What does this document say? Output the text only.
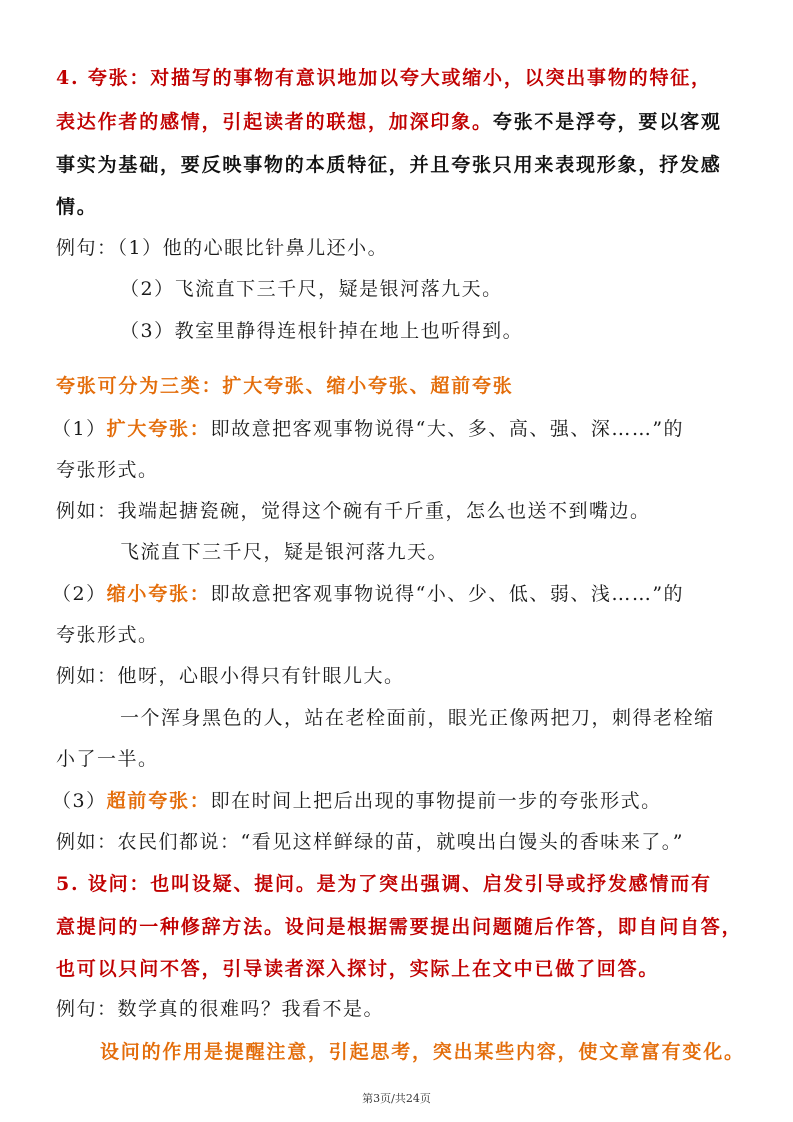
4. 夸张：对描写的事物有意识地加以夸大或缩小，以突出事物的特征，
表达作者的感情，引起读者的联想，加深印象。夸张不是浮夸，要以客观
事实为基础，要反映事物的本质特征，并且夸张只用来表现形象，抒发感
情。
例句：（1）他的心眼比针鼻儿还小。
（2）飞流直下三千尺，疑是银河落九天。
（3）教室里静得连根针掉在地上也听得到。
夸张可分为三类：扩大夸张、缩小夸张、超前夸张
（1）扩大夸张：即故意把客观事物说得“大、多、高、强、深……”的
夸张形式。
例如：我端起搪瓷碗，觉得这个碗有千斤重，怎么也送不到嘴边。
飞流直下三千尺，疑是银河落九天。
（2）缩小夸张：即故意把客观事物说得“小、少、低、弱、浅……”的
夸张形式。
例如：他呀，心眼小得只有针眼儿大。
一个浑身黑色的人，站在老栓面前，眼光正像两把刀，刺得老栓缩
小了一半。
（3）超前夸张：即在时间上把后出现的事物提前一步的夸张形式。
例如：农民们都说：“看见这样鲜绿的苗，就嗅出白馒头的香味来了。”
5. 设问：也叫设疑、提问。是为了突出强调、启发引导或抒发感情而有
意提问的一种修辞方法。设问是根据需要提出问题随后作答，即自问自答，
也可以只问不答，引导读者深入探讨，实际上在文中已做了回答。
例句：数学真的很难吗？我看不是。
设问的作用是提醒注意，引起思考，突出某些内容，使文章富有变化。
第3页/共24页
